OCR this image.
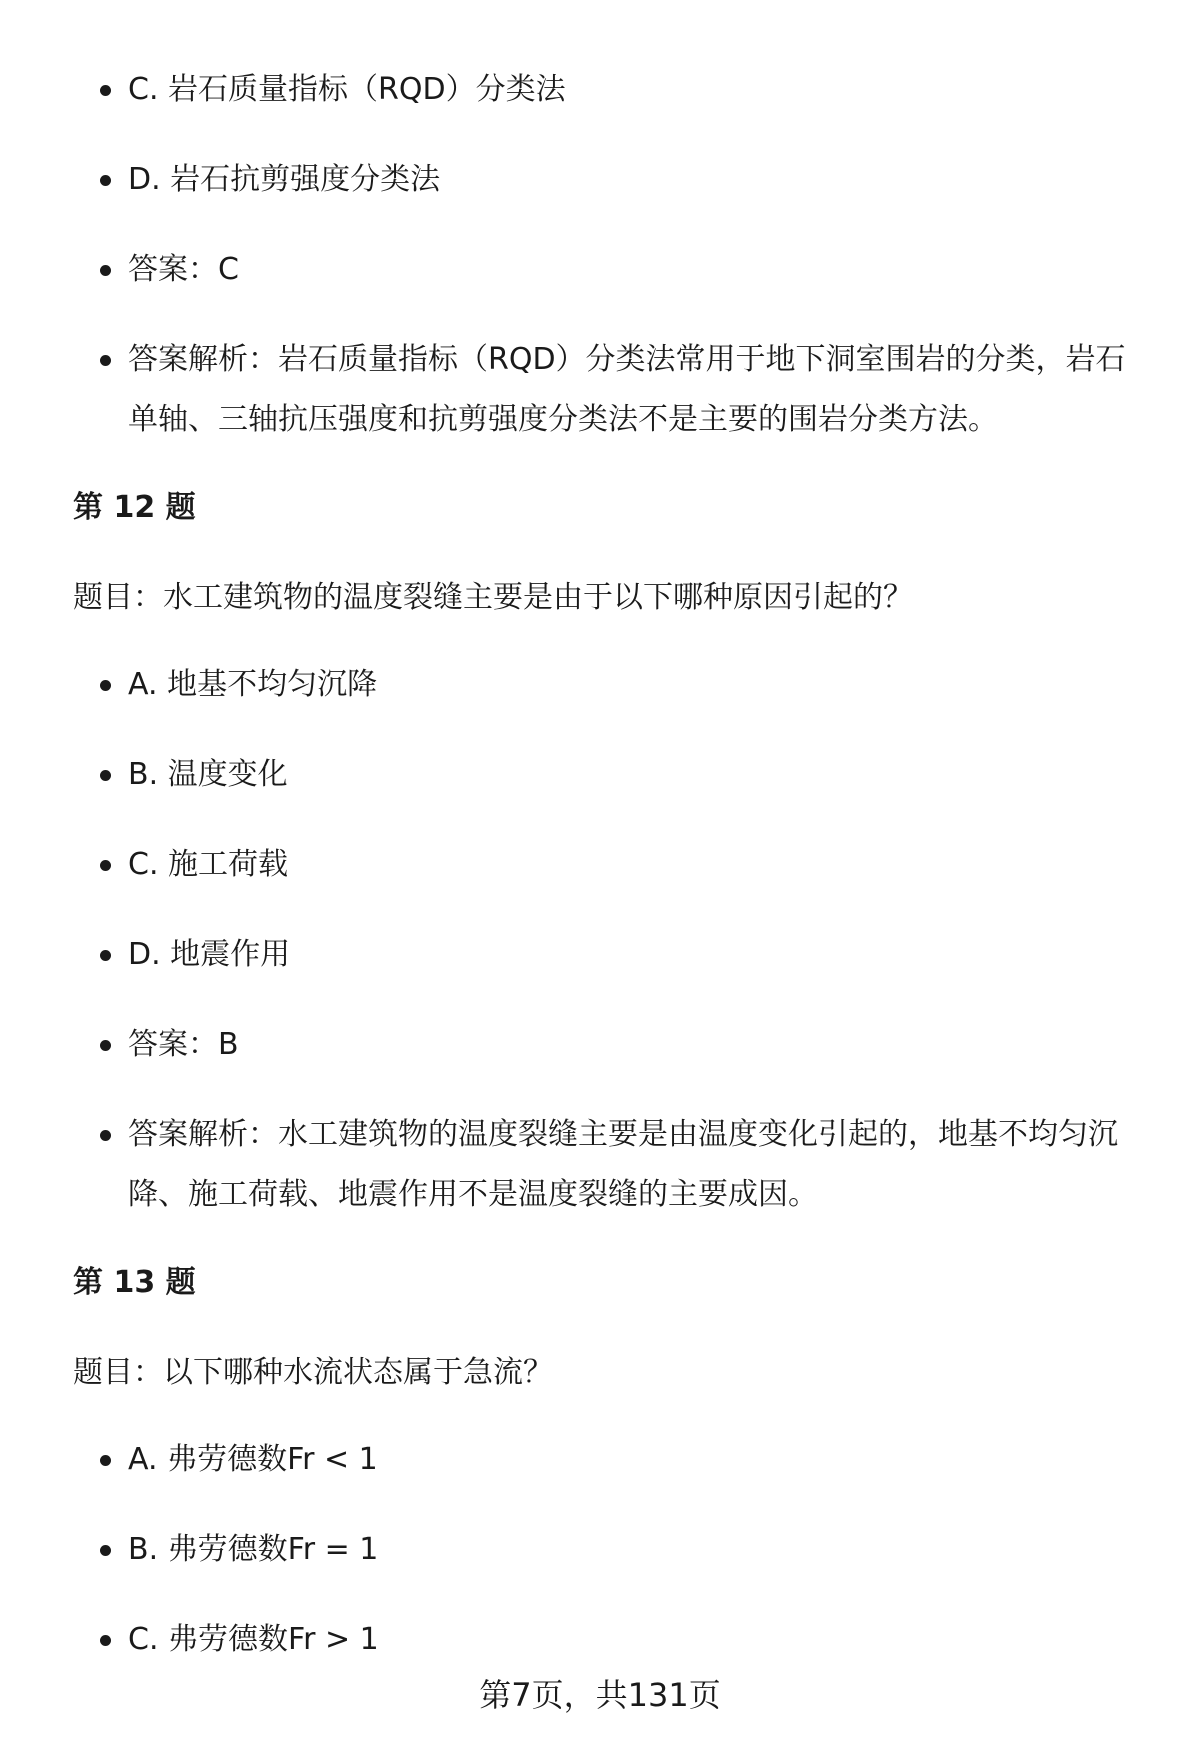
C. 岩石质量指标（RQD）分类法
D. 岩石抗剪强度分类法
答案：C
答案解析：岩石质量指标（RQD）分类法常用于地下洞室围岩的分类，岩石单轴、三轴抗压强度和抗剪强度分类法不是主要的围岩分类方法。
第 12 题
题目：水工建筑物的温度裂缝主要是由于以下哪种原因引起的？
A. 地基不均匀沉降
B. 温度变化
C. 施工荷载
D. 地震作用
答案：B
答案解析：水工建筑物的温度裂缝主要是由温度变化引起的，地基不均匀沉降、施工荷载、地震作用不是温度裂缝的主要成因。
第 13 题
题目：以下哪种水流状态属于急流？
A. 弗劳德数Fr < 1
B. 弗劳德数Fr = 1
C. 弗劳德数Fr > 1
第7页，共131页
